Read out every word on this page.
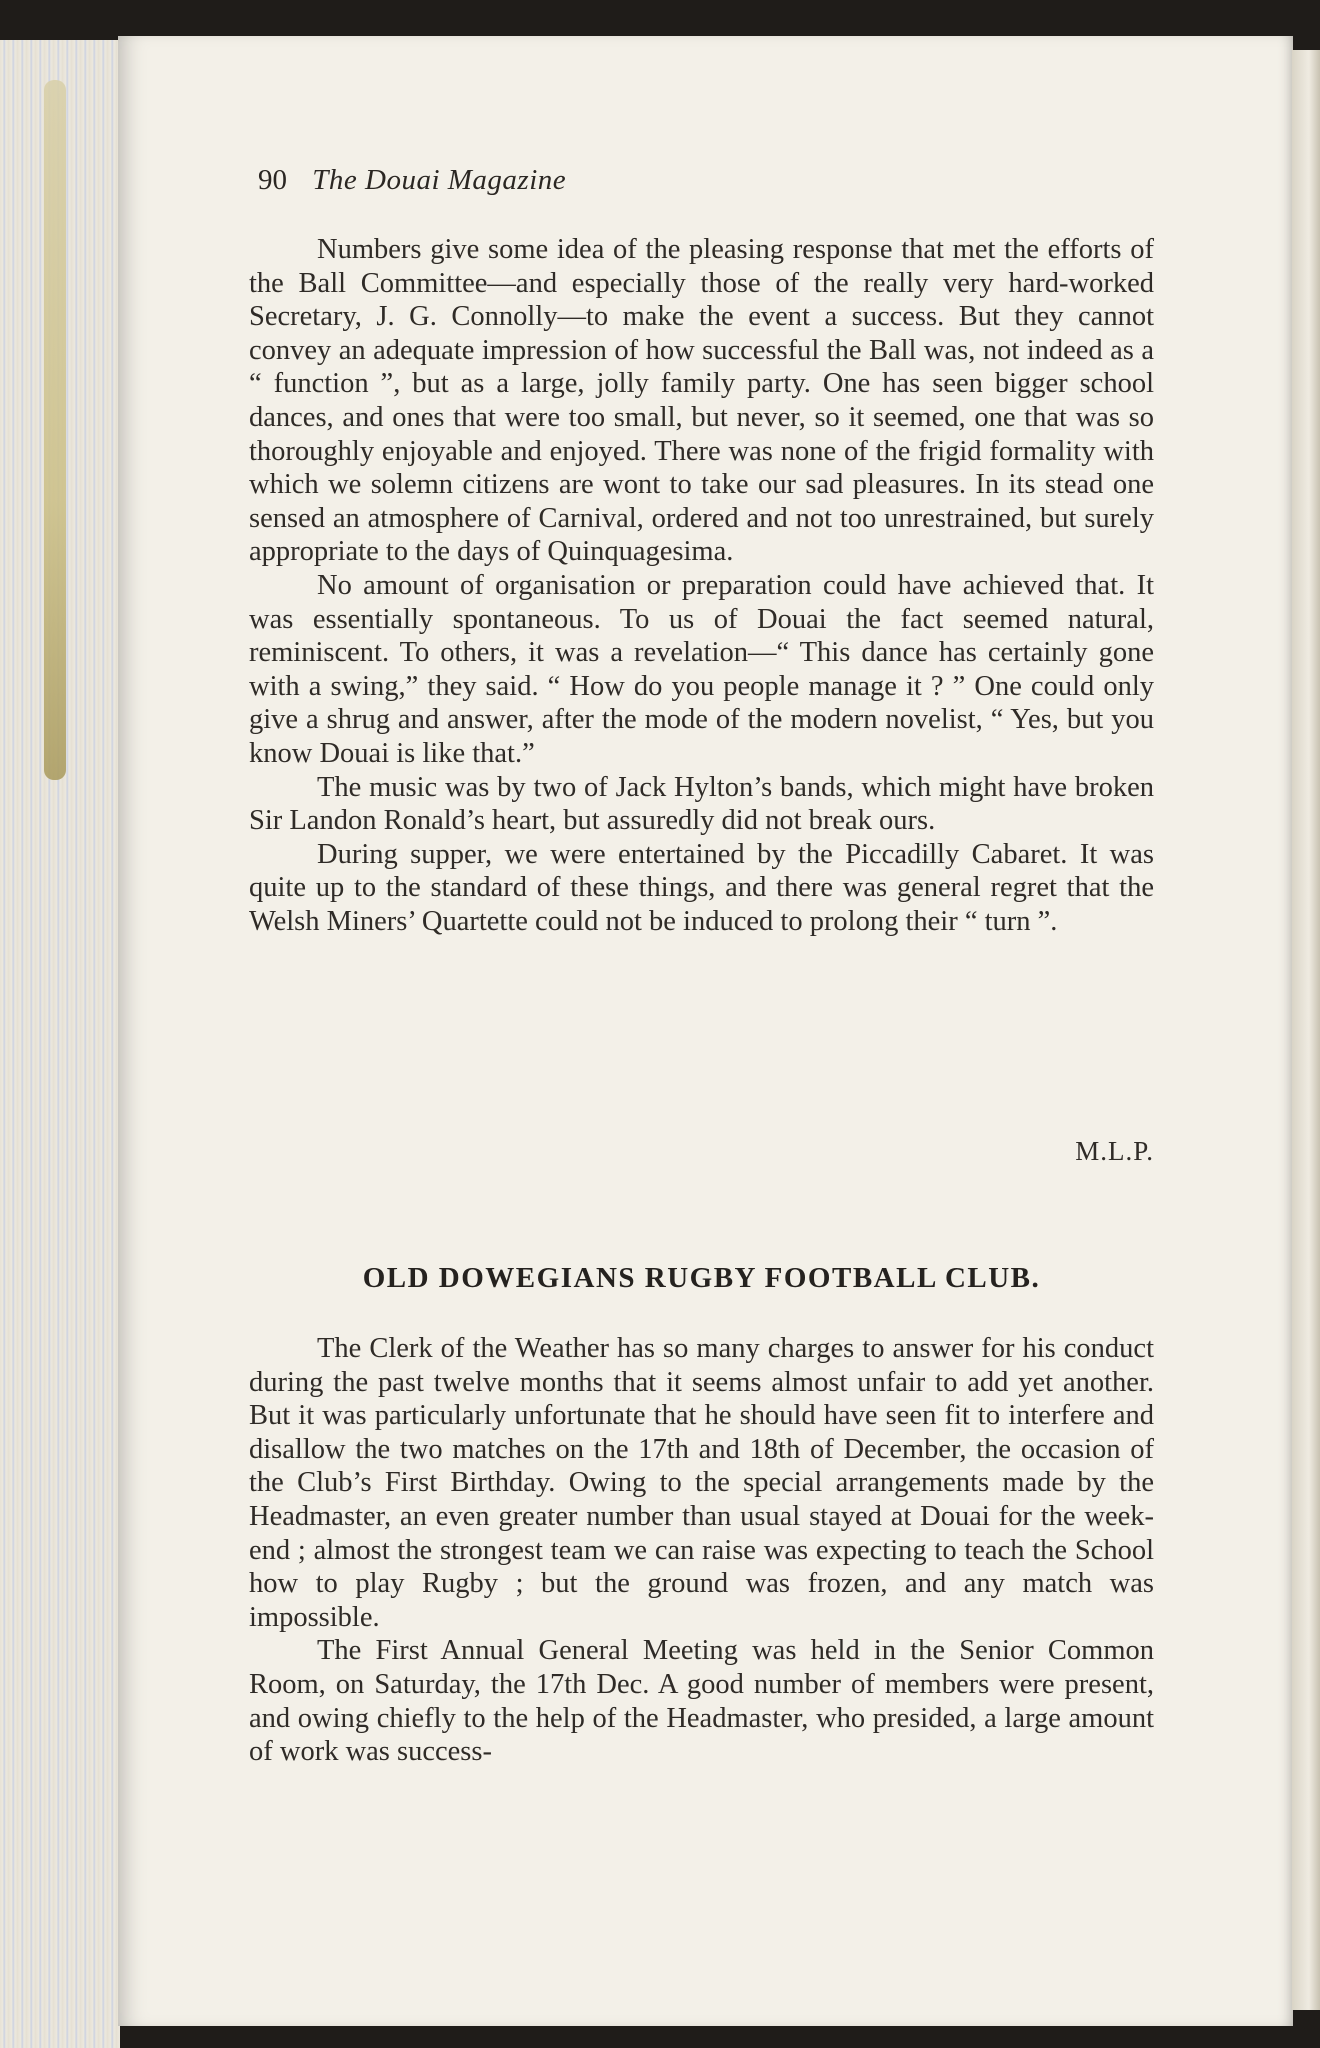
90 The Douai Magazine

Numbers give some idea of the pleasing response that met the efforts of the Ball Committee—and especially those of the really very hard-worked Secretary, J. G. Connolly—to make the event a success. But they cannot convey an adequate impression of how successful the Ball was, not indeed as a “ function ”, but as a large, jolly family party. One has seen bigger school dances, and ones that were too small, but never, so it seemed, one that was so thoroughly enjoyable and enjoyed. There was none of the frigid formality with which we solemn citizens are wont to take our sad pleasures. In its stead one sensed an atmosphere of Carnival, ordered and not too unrestrained, but surely appropriate to the days of Quinquagesima.

No amount of organisation or preparation could have achieved that. It was essentially spontaneous. To us of Douai the fact seemed natural, reminiscent. To others, it was a revelation—“ This dance has certainly gone with a swing,” they said. “ How do you people manage it ? ” One could only give a shrug and answer, after the mode of the modern novelist, “ Yes, but you know Douai is like that.”

The music was by two of Jack Hylton’s bands, which might have broken Sir Landon Ronald’s heart, but assuredly did not break ours.

During supper, we were entertained by the Piccadilly Cabaret. It was quite up to the standard of these things, and there was general regret that the Welsh Miners’ Quartette could not be induced to prolong their “ turn ”.

M.L.P.
OLD DOWEGIANS RUGBY FOOTBALL CLUB.

The Clerk of the Weather has so many charges to answer for his conduct during the past twelve months that it seems almost unfair to add yet another. But it was particularly unfortunate that he should have seen fit to interfere and disallow the two matches on the 17th and 18th of December, the occasion of the Club’s First Birthday. Owing to the special arrangements made by the Headmaster, an even greater number than usual stayed at Douai for the week-end ; almost the strongest team we can raise was expecting to teach the School how to play Rugby ; but the ground was frozen, and any match was impossible.

The First Annual General Meeting was held in the Senior Common Room, on Saturday, the 17th Dec. A good number of members were present, and owing chiefly to the help of the Headmaster, who presided, a large amount of work was success-
